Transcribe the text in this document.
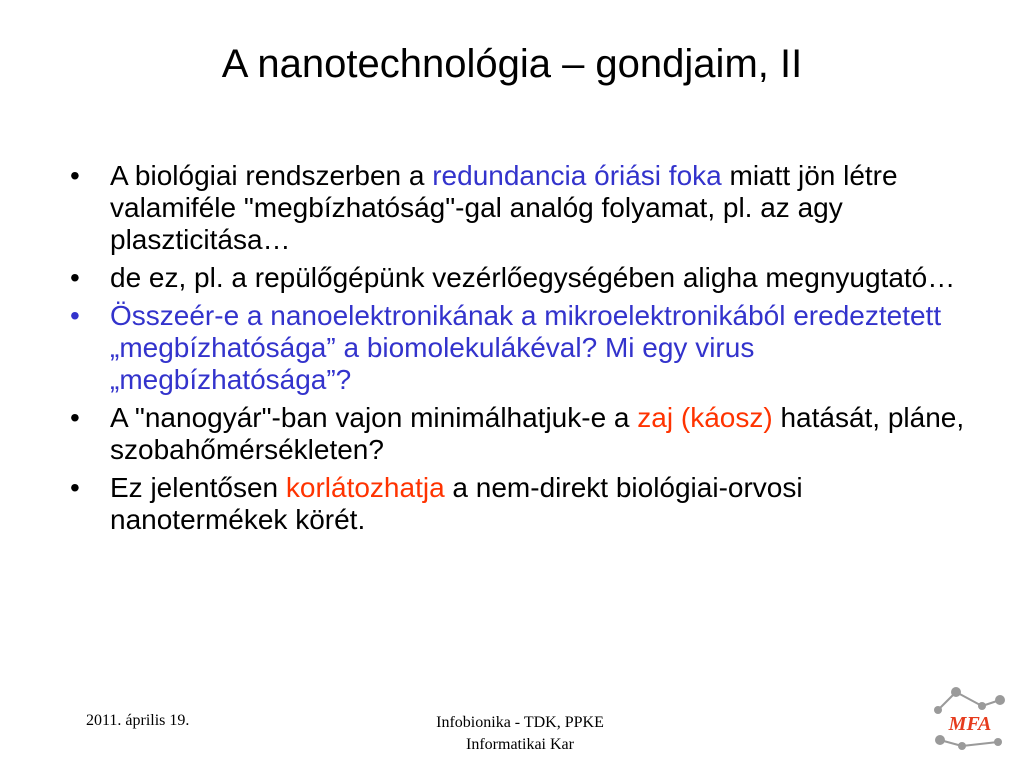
A nanotechnológia – gondjaim, II
•	A biológiai rendszerben a redundancia óriási foka miatt jön létre valamiféle "megbízhatóság"-gal analóg folyamat, pl. az agy plaszticitása…
•	de ez, pl. a repülőgépünk vezérlőegységében aligha megnyugtató…
•	Összeér-e a nanoelektronikának a mikroelektronikából eredeztetett „megbízhatósága” a biomolekulákéval? Mi egy virus „megbízhatósága”?
•	A "nanogyár"-ban vajon minimálhatjuk-e a zaj (káosz) hatását, pláne, szobahőmérsékleten?
•	Ez jelentősen korlátozhatja a nem-direkt biológiai-orvosi nanotermékek körét.
2011. április 19.	Infobionika - TDK, PPKE
Informatikai Kar
MFA
